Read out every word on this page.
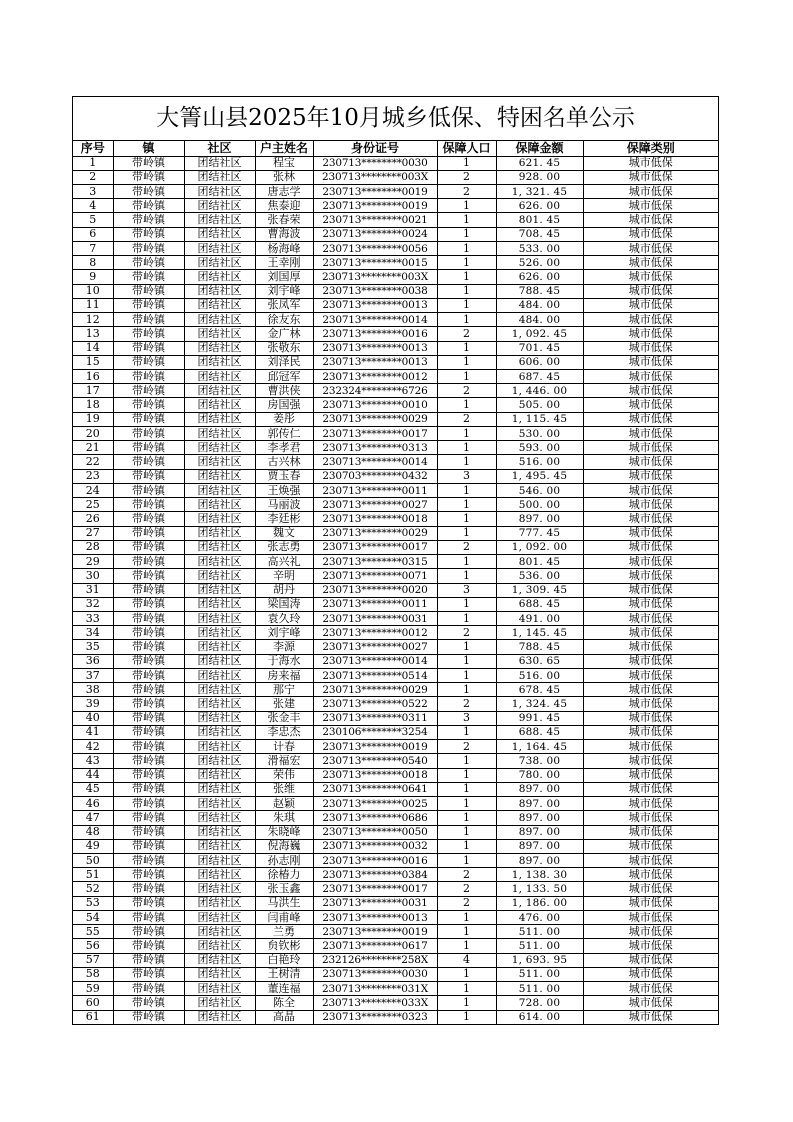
大箐山县2025年10月城乡低保、特困名单公示
序号	镇	社区	户主姓名	身份证号	保障人口	保障金额	保障类别
1	带岭镇	团结社区	程宝	230713********0030	1	621. 45	城市低保
2	带岭镇	团结社区	张林	230713********003X	2	928. 00	城市低保
3	带岭镇	团结社区	唐志学	230713********0019	2	1, 321. 45	城市低保
4	带岭镇	团结社区	焦泰迎	230713********0019	1	626. 00	城市低保
5	带岭镇	团结社区	张春荣	230713********0021	1	801. 45	城市低保
6	带岭镇	团结社区	曹海波	230713********0024	1	708. 45	城市低保
7	带岭镇	团结社区	杨海峰	230713********0056	1	533. 00	城市低保
8	带岭镇	团结社区	王幸刚	230713********0015	1	526. 00	城市低保
9	带岭镇	团结社区	刘国厚	230713********003X	1	626. 00	城市低保
10	带岭镇	团结社区	刘宇峰	230713********0038	1	788. 45	城市低保
11	带岭镇	团结社区	张凤军	230713********0013	1	484. 00	城市低保
12	带岭镇	团结社区	徐友东	230713********0014	1	484. 00	城市低保
13	带岭镇	团结社区	金广林	230713********0016	2	1, 092. 45	城市低保
14	带岭镇	团结社区	张敬东	230713********0013	1	701. 45	城市低保
15	带岭镇	团结社区	刘泽民	230713********0013	1	606. 00	城市低保
16	带岭镇	团结社区	邱冠军	230713********0012	1	687. 45	城市低保
17	带岭镇	团结社区	曹洪侠	232324********6726	2	1, 446. 00	城市低保
18	带岭镇	团结社区	房国强	230713********0010	1	505. 00	城市低保
19	带岭镇	团结社区	姜彤	230713********0029	2	1, 115. 45	城市低保
20	带岭镇	团结社区	郭传仁	230713********0017	1	530. 00	城市低保
21	带岭镇	团结社区	李孝君	230713********0313	1	593. 00	城市低保
22	带岭镇	团结社区	古兴林	230713********0014	1	516. 00	城市低保
23	带岭镇	团结社区	贾玉春	230703********0432	3	1, 495. 45	城市低保
24	带岭镇	团结社区	王焕强	230713********0011	1	546. 00	城市低保
25	带岭镇	团结社区	马丽波	230713********0027	1	500. 00	城市低保
26	带岭镇	团结社区	李廷彬	230713********0018	1	897. 00	城市低保
27	带岭镇	团结社区	魏文	230713********0029	1	777. 45	城市低保
28	带岭镇	团结社区	张志勇	230713********0017	2	1, 092. 00	城市低保
29	带岭镇	团结社区	高兴礼	230713********0315	1	801. 45	城市低保
30	带岭镇	团结社区	辛明	230713********0071	1	536. 00	城市低保
31	带岭镇	团结社区	胡丹	230713********0020	3	1, 309. 45	城市低保
32	带岭镇	团结社区	梁国涛	230713********0011	1	688. 45	城市低保
33	带岭镇	团结社区	袁久玲	230713********0031	1	491. 00	城市低保
34	带岭镇	团结社区	刘宇峰	230713********0012	2	1, 145. 45	城市低保
35	带岭镇	团结社区	李源	230713********0027	1	788. 45	城市低保
36	带岭镇	团结社区	于海水	230713********0014	1	630. 65	城市低保
37	带岭镇	团结社区	房来福	230713********0514	1	516. 00	城市低保
38	带岭镇	团结社区	那宁	230713********0029	1	678. 45	城市低保
39	带岭镇	团结社区	张建	230713********0522	2	1, 324. 45	城市低保
40	带岭镇	团结社区	张金丰	230713********0311	3	991. 45	城市低保
41	带岭镇	团结社区	李忠杰	230106********3254	1	688. 45	城市低保
42	带岭镇	团结社区	计春	230713********0019	2	1, 164. 45	城市低保
43	带岭镇	团结社区	滑福宏	230713********0540	1	738. 00	城市低保
44	带岭镇	团结社区	荣伟	230713********0018	1	780. 00	城市低保
45	带岭镇	团结社区	张维	230713********0641	1	897. 00	城市低保
46	带岭镇	团结社区	赵颖	230713********0025	1	897. 00	城市低保
47	带岭镇	团结社区	朱琪	230713********0686	1	897. 00	城市低保
48	带岭镇	团结社区	朱晓峰	230713********0050	1	897. 00	城市低保
49	带岭镇	团结社区	倪海巍	230713********0032	1	897. 00	城市低保
50	带岭镇	团结社区	孙志刚	230713********0016	1	897. 00	城市低保
51	带岭镇	团结社区	徐椿力	230713********0384	2	1, 138. 30	城市低保
52	带岭镇	团结社区	张玉鑫	230713********0017	2	1, 133. 50	城市低保
53	带岭镇	团结社区	马洪生	230713********0031	2	1, 186. 00	城市低保
54	带岭镇	团结社区	闫甫峰	230713********0013	1	476. 00	城市低保
55	带岭镇	团结社区	兰勇	230713********0019	1	511. 00	城市低保
56	带岭镇	团结社区	贠钦彬	230713********0617	1	511. 00	城市低保
57	带岭镇	团结社区	白艳玲	232126********258X	4	1, 693. 95	城市低保
58	带岭镇	团结社区	王树清	230713********0030	1	511. 00	城市低保
59	带岭镇	团结社区	董连福	230713********031X	1	511. 00	城市低保
60	带岭镇	团结社区	陈全	230713********033X	1	728. 00	城市低保
61	带岭镇	团结社区	高晶	230713********0323	1	614. 00	城市低保
